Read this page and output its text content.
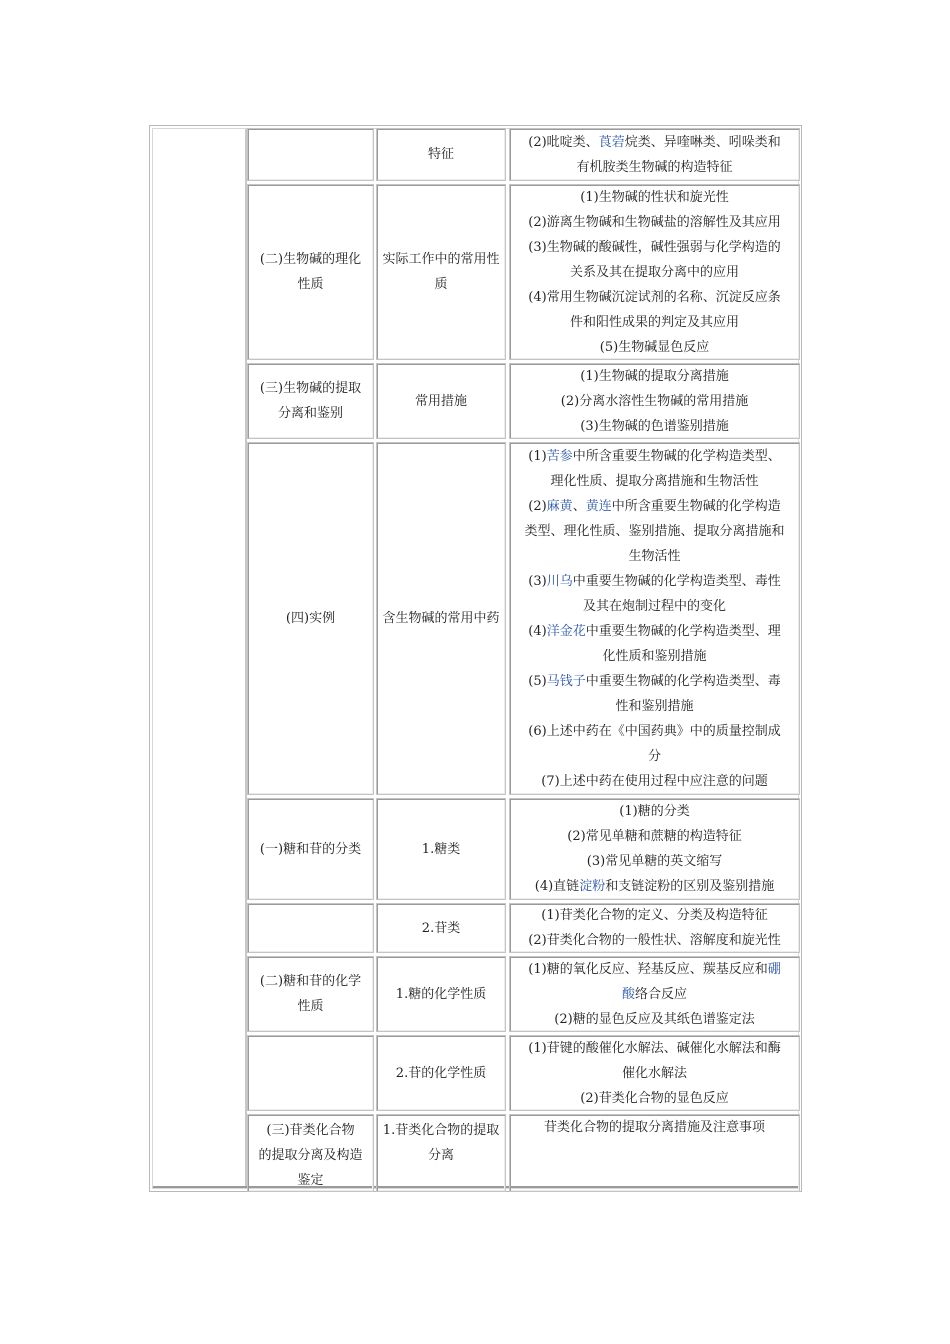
特征
(2)吡啶类、莨菪烷类、异喹啉类、吲哚类和
有机胺类生物碱的构造特征
(二)生物碱的理化
性质
实际工作中的常用性
质
(1)生物碱的性状和旋光性
(2)游离生物碱和生物碱盐的溶解性及其应用
(3)生物碱的酸碱性，碱性强弱与化学构造的
关系及其在提取分离中的应用
(4)常用生物碱沉淀试剂的名称、沉淀反应条
件和阳性成果的判定及其应用
(5)生物碱显色反应
(三)生物碱的提取
分离和鉴别
常用措施
(1)生物碱的提取分离措施
(2)分离水溶性生物碱的常用措施
(3)生物碱的色谱鉴别措施
(四)实例	含生物碱的常用中药
(1)苦参中所含重要生物碱的化学构造类型、
理化性质、提取分离措施和生物活性
(2)麻黄、黄连中所含重要生物碱的化学构造
类型、理化性质、鉴别措施、提取分离措施和
生物活性
(3)川乌中重要生物碱的化学构造类型、毒性
及其在炮制过程中的变化
(4)洋金花中重要生物碱的化学构造类型、理
化性质和鉴别措施
(5)马钱子中重要生物碱的化学构造类型、毒
性和鉴别措施
(6)上述中药在《中国药典》中的质量控制成
分
(7)上述中药在使用过程中应注意的问题
(一)糖和苷的分类	1.糖类
(1)糖的分类
(2)常见单糖和蔗糖的构造特征
(3)常见单糖的英文缩写
(4)直链淀粉和支链淀粉的区别及鉴别措施
2.苷类
(1)苷类化合物的定义、分类及构造特征
(2)苷类化合物的一般性状、溶解度和旋光性
(二)糖和苷的化学
性质
1.糖的化学性质
(1)糖的氧化反应、羟基反应、羰基反应和硼
酸络合反应
(2)糖的显色反应及其纸色谱鉴定法
2.苷的化学性质
(1)苷键的酸催化水解法、碱催化水解法和酶
催化水解法
(2)苷类化合物的显色反应
(三)苷类化合物
的提取分离及构造
鉴定
1.苷类化合物的提取
分离
苷类化合物的提取分离措施及注意事项
